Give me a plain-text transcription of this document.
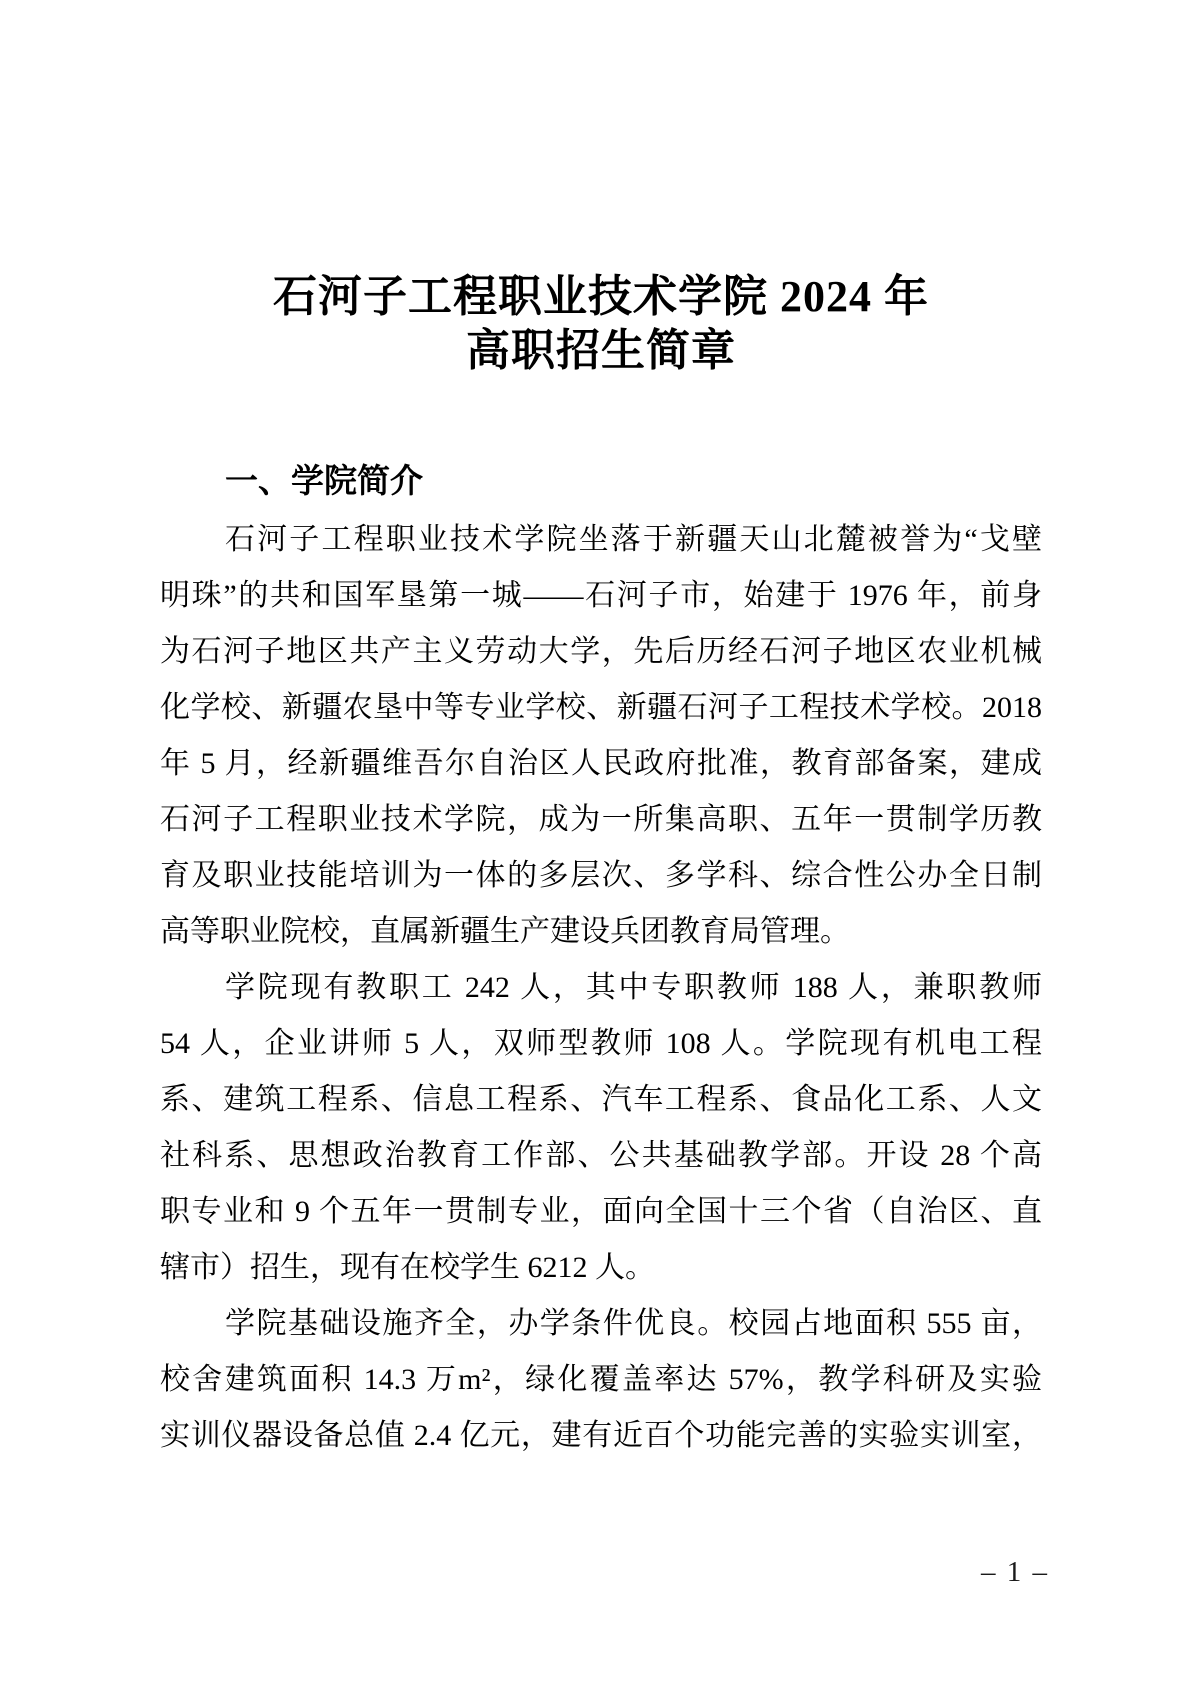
石河子工程职业技术学院 2024 年
高职招生简章
一、学院简介
石河子工程职业技术学院坐落于新疆天山北麓被誉为“戈壁
明珠”的共和国军垦第一城——石河子市，始建于 1976 年，前身
为石河子地区共产主义劳动大学，先后历经石河子地区农业机械
化学校、新疆农垦中等专业学校、新疆石河子工程技术学校。2018
年 5 月，经新疆维吾尔自治区人民政府批准，教育部备案，建成
石河子工程职业技术学院，成为一所集高职、五年一贯制学历教
育及职业技能培训为一体的多层次、多学科、综合性公办全日制
高等职业院校，直属新疆生产建设兵团教育局管理。
学院现有教职工 242 人，其中专职教师 188 人，兼职教师
54 人，企业讲师 5 人，双师型教师 108 人。学院现有机电工程
系、建筑工程系、信息工程系、汽车工程系、食品化工系、人文
社科系、思想政治教育工作部、公共基础教学部。开设 28 个高
职专业和 9 个五年一贯制专业，面向全国十三个省（自治区、直
辖市）招生，现有在校学生 6212 人。
学院基础设施齐全，办学条件优良。校园占地面积 555 亩，
校舍建筑面积 14.3 万m²，绿化覆盖率达 57%，教学科研及实验
实训仪器设备总值 2.4 亿元，建有近百个功能完善的实验实训室，
– 1 –
